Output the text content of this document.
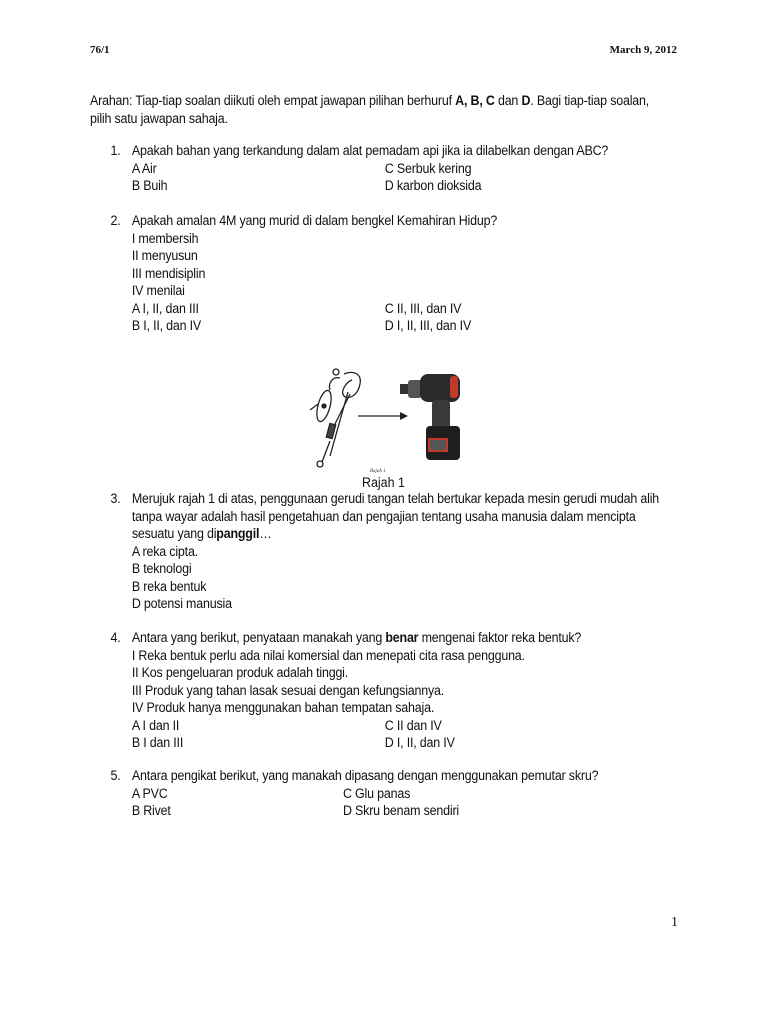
76/1	March 9, 2012
Arahan: Tiap-tiap soalan diikuti oleh empat jawapan pilihan berhuruf A, B, C dan D. Bagi tiap-tiap soalan,
pilih satu jawapan sahaja.
1. Apakah bahan yang terkandung dalam alat pemadam api jika ia dilabelkan dengan ABC?
A Air	C Serbuk kering
B Buih	D karbon dioksida
2. Apakah amalan 4M yang murid di dalam bengkel Kemahiran Hidup?
I membersih
II menyusun
III mendisiplin
IV menilai
A I, II, dan III	C II, III, dan IV
B I, II, dan IV	D I, II, III, dan IV
Rajah 1
Rajah 1
3. Merujuk rajah 1 di atas, penggunaan gerudi tangan telah bertukar kepada mesin gerudi mudah alih
tanpa wayar adalah hasil pengetahuan dan pengajian tentang usaha manusia dalam mencipta
sesuatu yang dipanggil…
A reka cipta.
B teknologi
B reka bentuk
D potensi manusia
4. Antara yang berikut, penyataan manakah yang benar mengenai faktor reka bentuk?
I Reka bentuk perlu ada nilai komersial dan menepati cita rasa pengguna.
II Kos pengeluaran produk adalah tinggi.
III Produk yang tahan lasak sesuai dengan kefungsiannya.
IV Produk hanya menggunakan bahan tempatan sahaja.
A I dan II	C II dan IV
B I dan III	D I, II, dan IV
5. Antara pengikat berikut, yang manakah dipasang dengan menggunakan pemutar skru?
A PVC	C Glu panas
B Rivet	D Skru benam sendiri
1
